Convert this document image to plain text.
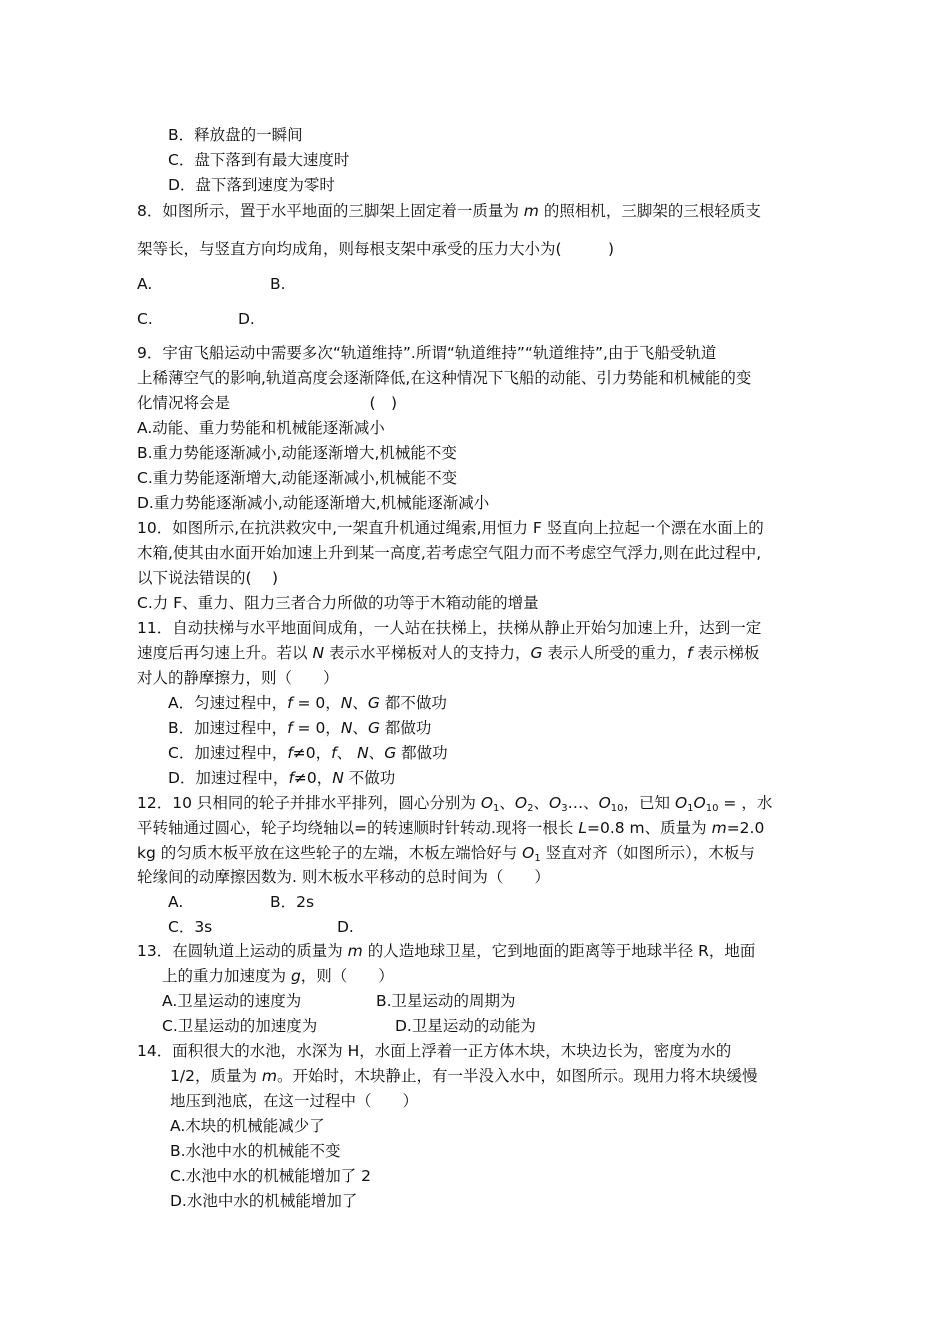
B．释放盘的一瞬间
C．盘下落到有最大速度时
D．盘下落到速度为零时
8．如图所示，置于水平地面的三脚架上固定着一质量为 m 的照相机，三脚架的三根轻质支
架等长，与竖直方向均成角，则每根支架中承受的压力大小为(　　　)
A.	B.
C.	D.
9．宇宙飞船运动中需要多次“轨道维持”.所谓“轨道维持”“轨道维持”,由于飞船受轨道
上稀薄空气的影响,轨道高度会逐渐降低,在这种情况下飞船的动能、引力势能和机械能的变
化情况将会是　　　　　　　　　(　)
A.动能、重力势能和机械能逐渐减小
B.重力势能逐渐减小,动能逐渐增大,机械能不变
C.重力势能逐渐增大,动能逐渐减小,机械能不变
D.重力势能逐渐减小,动能逐渐增大,机械能逐渐减小
10．如图所示,在抗洪救灾中,一架直升机通过绳索,用恒力 F 竖直向上拉起一个漂在水面上的
木箱,使其由水面开始加速上升到某一高度,若考虑空气阻力而不考虑空气浮力,则在此过程中,
以下说法错误的(　 )
C.力 F、重力、阻力三者合力所做的功等于木箱动能的增量
11．自动扶梯与水平地面间成角，一人站在扶梯上，扶梯从静止开始匀加速上升，达到一定
速度后再匀速上升。若以 N 表示水平梯板对人的支持力，G 表示人所受的重力，f 表示梯板
对人的静摩擦力，则（　　）
A．匀速过程中，f = 0，N、G 都不做功
B．加速过程中，f = 0，N、G 都做功
C．加速过程中，f≠0，f、 N、G 都做功
D．加速过程中，f≠0，N 不做功
12．10 只相同的轮子并排水平排列，圆心分别为 $O_1$、$O_2$、$O_3\dots$、$O_{10}$，已知 $O_1O_{10}$ = ，水
平转轴通过圆心，轮子均绕轴以=的转速顺时针转动.现将一根长 L=0.8 m、质量为 m=2.0
kg 的匀质木板平放在这些轮子的左端，木板左端恰好与 $O_1$ 竖直对齐（如图所示），木板与
轮缘间的动摩擦因数为. 则木板水平移动的总时间为（　　）
A.	B．2s
C．3s	D.
13．在圆轨道上运动的质量为 m 的人造地球卫星，它到地面的距离等于地球半径 R，地面
上的重力加速度为 g，则（　　）
A.卫星运动的速度为	B.卫星运动的周期为
C.卫星运动的加速度为	D.卫星运动的动能为
14．面积很大的水池，水深为 H，水面上浮着一正方体木块，木块边长为，密度为水的
1/2，质量为 m。开始时，木块静止，有一半没入水中，如图所示。现用力将木块缓慢
地压到池底，在这一过程中（　　）
A.木块的机械能减少了
B.水池中水的机械能不变
C.水池中水的机械能增加了 2
D.水池中水的机械能增加了
